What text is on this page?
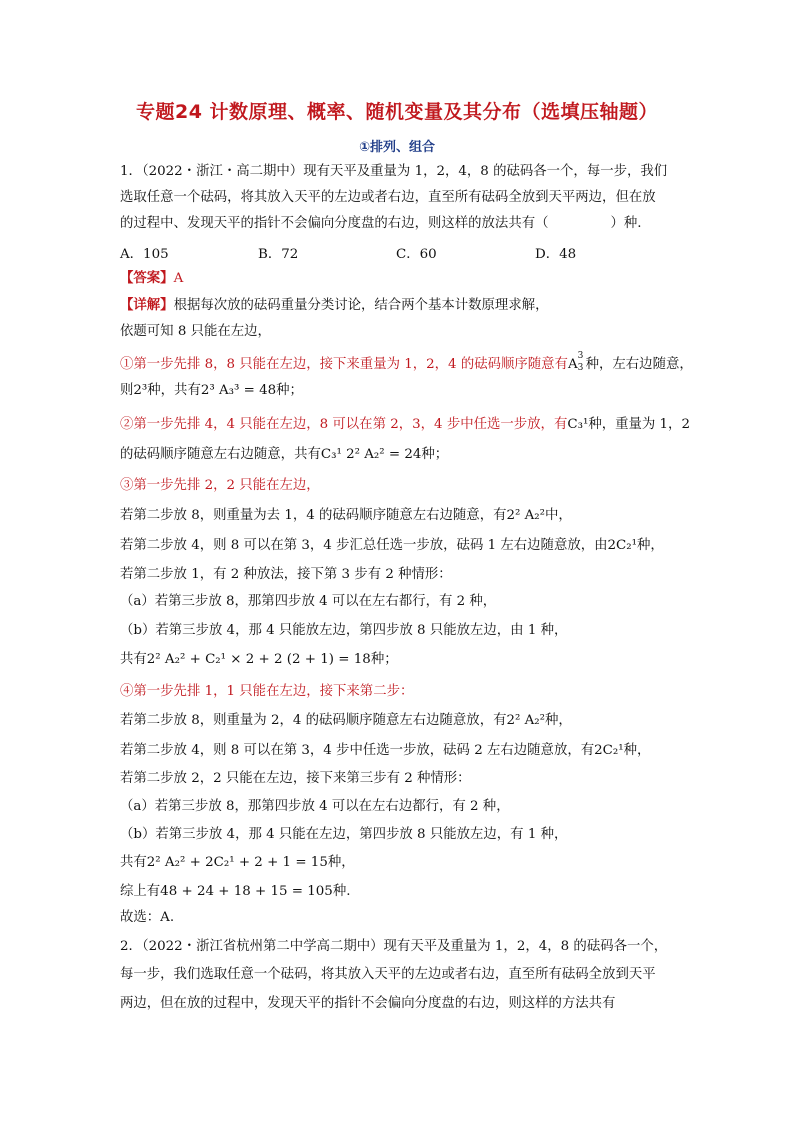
专题24 计数原理、概率、随机变量及其分布（选填压轴题）
①排列、组合
1．（2022・浙江・高二期中）现有天平及重量为 1，2，4，8 的砝码各一个，每一步，我们
选取任意一个砝码，将其放入天平的左边或者右边，直至所有砝码全放到天平两边，但在放
的过程中、发现天平的指针不会偏向分度盘的右边，则这样的放法共有（	）种.
A．105	B．72	C．60	D．48
【答案】A
【详解】根据每次放的砝码重量分类讨论，结合两个基本计数原理求解，
依题可知 8 只能在左边，
①第一步先排 8，8 只能在左边，接下来重量为 1，2，4 的砝码顺序随意有A
3
3 种，左右边随意，
则2³种，共有2³ A₃³ = 48种；
②第一步先排 4，4 只能在左边，8 可以在第 2，3，4 步中任选一步放，有C₃¹种，重量为 1，2
的砝码顺序随意左右边随意，共有C₃¹ 2² A₂² = 24种；
③第一步先排 2，2 只能在左边，
若第二步放 8，则重量为去 1，4 的砝码顺序随意左右边随意，有2² A₂²中，
若第二步放 4，则 8 可以在第 3，4 步汇总任选一步放，砝码 1 左右边随意放，由2C₂¹种，
若第二步放 1，有 2 种放法，接下第 3 步有 2 种情形：
（a）若第三步放 8，那第四步放 4 可以在左右都行，有 2 种，
（b）若第三步放 4，那 4 只能放左边，第四步放 8 只能放左边，由 1 种，
共有2² A₂² + C₂¹ × 2 + 2 (2 + 1) = 18种；
④第一步先排 1，1 只能在左边，接下来第二步：
若第二步放 8，则重量为 2，4 的砝码顺序随意左右边随意放，有2² A₂²种，
若第二步放 4，则 8 可以在第 3，4 步中任选一步放，砝码 2 左右边随意放，有2C₂¹种，
若第二步放 2，2 只能在左边，接下来第三步有 2 种情形：
（a）若第三步放 8，那第四步放 4 可以在左右边都行，有 2 种，
（b）若第三步放 4，那 4 只能在左边，第四步放 8 只能放左边，有 1 种，
共有2² A₂² + 2C₂¹ + 2 + 1 = 15种，
综上有48 + 24 + 18 + 15 = 105种.
故选：A.
2．（2022・浙江省杭州第二中学高二期中）现有天平及重量为 1，2，4，8 的砝码各一个，
每一步，我们选取任意一个砝码，将其放入天平的左边或者右边，直至所有砝码全放到天平
两边，但在放的过程中，发现天平的指针不会偏向分度盘的右边，则这样的方法共有
